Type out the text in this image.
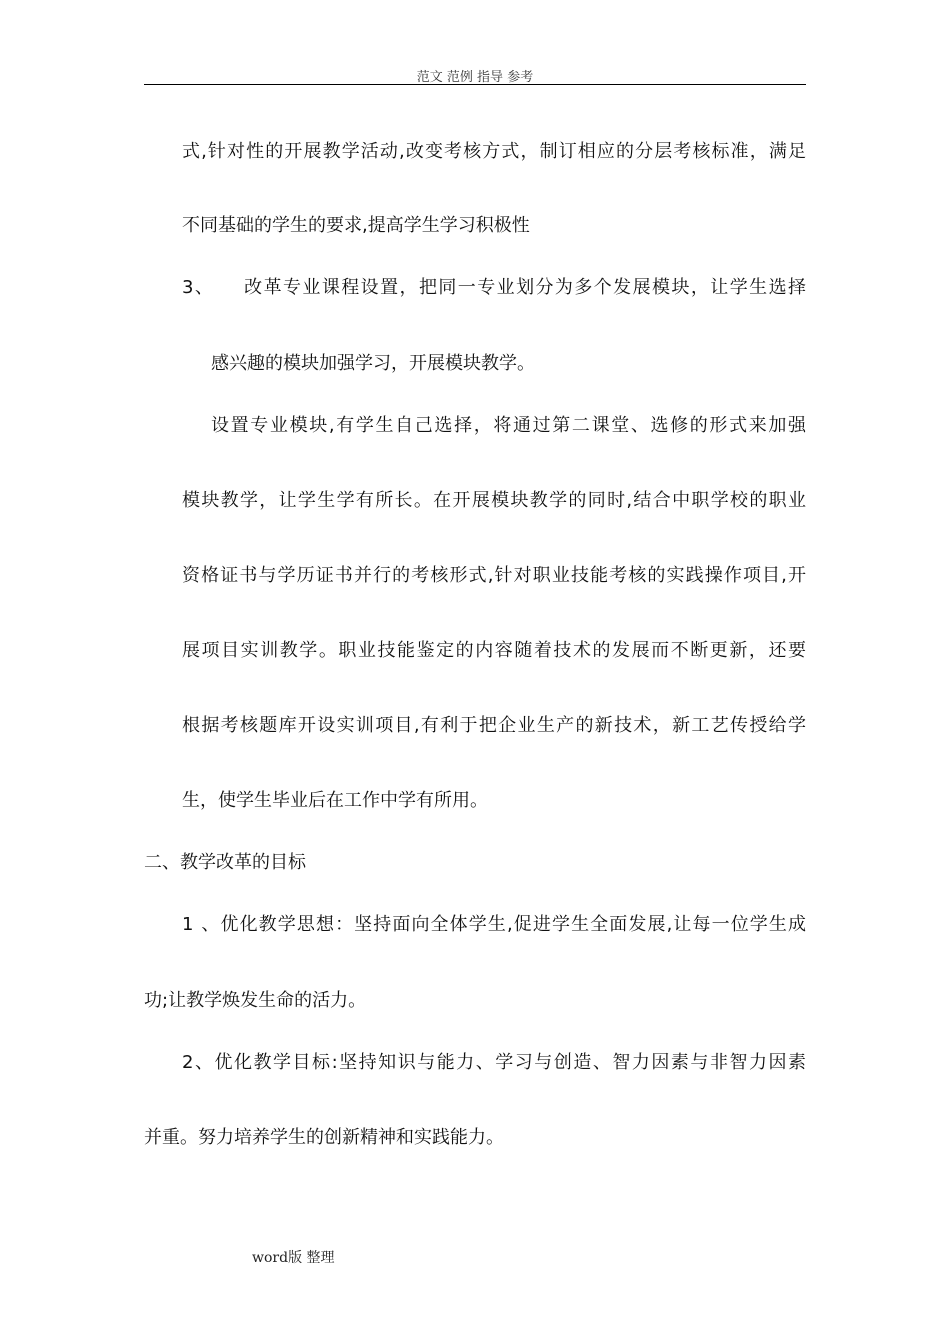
范文 范例 指导 参考
式,针对性的开展教学活动,改变考核方式，制订相应的分层考核标准，满足
不同基础的学生的要求,提高学生学习积极性
3、　　改革专业课程设置，把同一专业划分为多个发展模块，让学生选择
感兴趣的模块加强学习，开展模块教学。
设置专业模块,有学生自己选择，将通过第二课堂、选修的形式来加强
模块教学，让学生学有所长。在开展模块教学的同时,结合中职学校的职业
资格证书与学历证书并行的考核形式,针对职业技能考核的实践操作项目,开
展项目实训教学。职业技能鉴定的内容随着技术的发展而不断更新，还要
根据考核题库开设实训项目,有利于把企业生产的新技术，新工艺传授给学
生，使学生毕业后在工作中学有所用。
二、教学改革的目标
1 、优化教学思想：坚持面向全体学生,促进学生全面发展,让每一位学生成
功;让教学焕发生命的活力。
2、优化教学目标:坚持知识与能力、学习与创造、智力因素与非智力因素
并重。努力培养学生的创新精神和实践能力。
word版 整理
